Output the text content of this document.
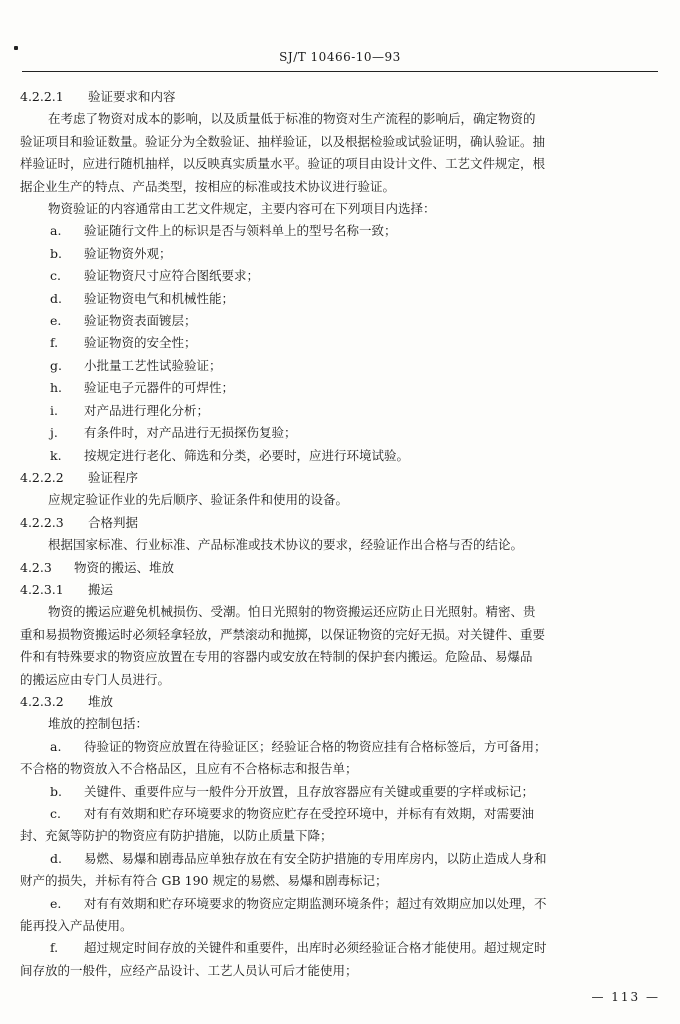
SJ/T 10466-10—93
4.2.2.1 验证要求和内容
在考虑了物资对成本的影响，以及质量低于标准的物资对生产流程的影响后，确定物资的
验证项目和验证数量。验证分为全数验证、抽样验证，以及根据检验或试验证明，确认验证。抽
样验证时，应进行随机抽样，以反映真实质量水平。验证的项目由设计文件、工艺文件规定，根
据企业生产的特点、产品类型，按相应的标准或技术协议进行验证。
物资验证的内容通常由工艺文件规定，主要内容可在下列项目内选择：
a. 验证随行文件上的标识是否与领料单上的型号名称一致；
b. 验证物资外观；
c. 验证物资尺寸应符合图纸要求；
d. 验证物资电气和机械性能；
e. 验证物资表面镀层；
f. 验证物资的安全性；
g. 小批量工艺性试验验证；
h. 验证电子元器件的可焊性；
i. 对产品进行理化分析；
j. 有条件时，对产品进行无损探伤复验；
k. 按规定进行老化、筛选和分类，必要时，应进行环境试验。
4.2.2.2 验证程序
应规定验证作业的先后顺序、验证条件和使用的设备。
4.2.2.3 合格判据
根据国家标准、行业标准、产品标准或技术协议的要求，经验证作出合格与否的结论。
4.2.3 物资的搬运、堆放
4.2.3.1 搬运
物资的搬运应避免机械损伤、受潮。怕日光照射的物资搬运还应防止日光照射。精密、贵
重和易损物资搬运时必须轻拿轻放，严禁滚动和抛掷，以保证物资的完好无损。对关键件、重要
件和有特殊要求的物资应放置在专用的容器内或安放在特制的保护套内搬运。危险品、易爆品
的搬运应由专门人员进行。
4.2.3.2 堆放
堆放的控制包括：
a. 待验证的物资应放置在待验证区；经验证合格的物资应挂有合格标签后，方可备用；
不合格的物资放入不合格品区，且应有不合格标志和报告单；
b. 关键件、重要件应与一般件分开放置，且存放容器应有关键或重要的字样或标记；
c. 对有有效期和贮存环境要求的物资应贮存在受控环境中，并标有有效期，对需要油
封、充氮等防护的物资应有防护措施，以防止质量下降；
d. 易燃、易爆和剧毒品应单独存放在有安全防护措施的专用库房内，以防止造成人身和
财产的损失，并标有符合 GB 190 规定的易燃、易爆和剧毒标记；
e. 对有有效期和贮存环境要求的物资应定期监测环境条件；超过有效期应加以处理，不
能再投入产品使用。
f. 超过规定时间存放的关键件和重要件，出库时必须经验证合格才能使用。超过规定时
间存放的一般件，应经产品设计、工艺人员认可后才能使用；
— 113 —
